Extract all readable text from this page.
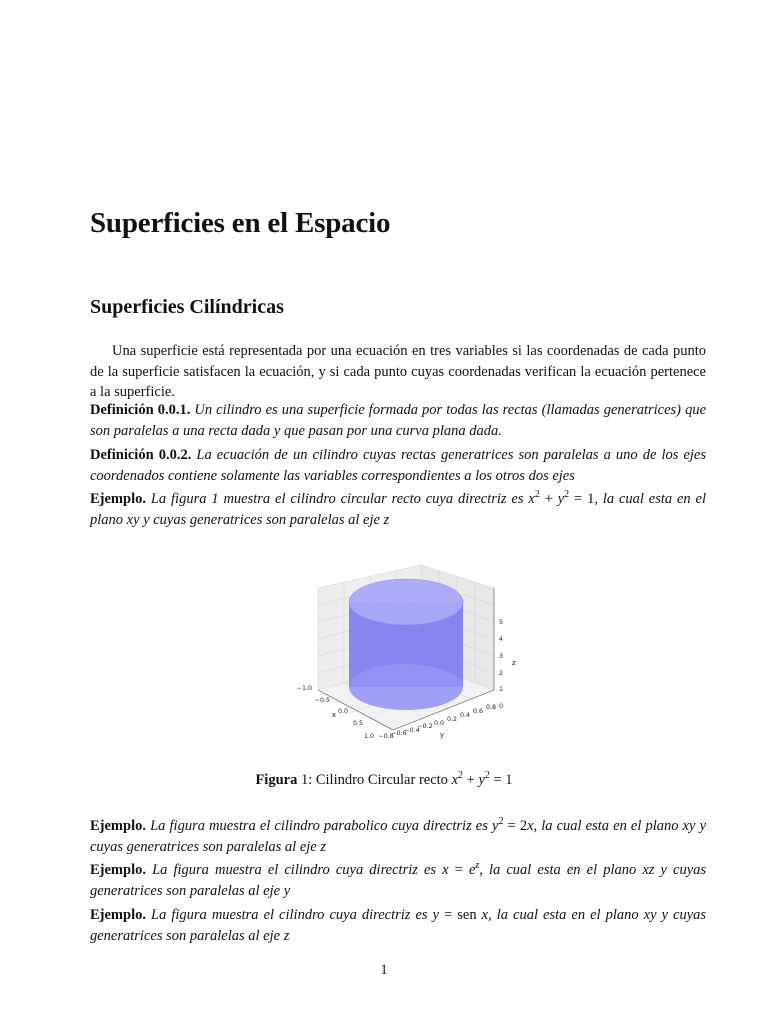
Superficies en el Espacio
Superficies Cilíndricas

Una superficie está representada por una ecuación en tres variables si las coordenadas de cada punto de la superficie satisfacen la ecuación, y si cada punto cuyas coordenadas verifican la ecuación pertenece a la superficie.

Definición 0.0.1. Un cilindro es una superficie formada por todas las rectas (llamadas generatrices) que son paralelas a una recta dada y que pasan por una curva plana dada.

Definición 0.0.2. La ecuación de un cilindro cuyas rectas generatrices son paralelas a uno de los ejes coordenados contiene solamente las variables correspondientes a los otros dos ejes

Ejemplo. La figura 1 muestra el cilindro circular recto cuya directriz es $x^2 + y^2 = 1$, la cual esta en el plano xy y cuyas generatrices son paralelas al eje z

−1.0
−0.5
0.0
0.5
1.0
x
−0.8
−0.6
−0.4
−0.2 0.0
0.2
0.4
0.6
0.8
y
0
1
2
3
4
5
z

Figura 1: Cilindro Circular recto $x^2 + y^2 = 1$

Ejemplo. La figura muestra el cilindro parabolico cuya directriz es $y^2 = 2x$, la cual esta en el plano xy y cuyas generatrices son paralelas al eje z

Ejemplo. La figura muestra el cilindro cuya directriz es $x = e^z$, la cual esta en el plano xz y cuyas generatrices son paralelas al eje y

Ejemplo. La figura muestra el cilindro cuya directriz es y = sen x, la cual esta en el plano xy y cuyas generatrices son paralelas al eje z

1
